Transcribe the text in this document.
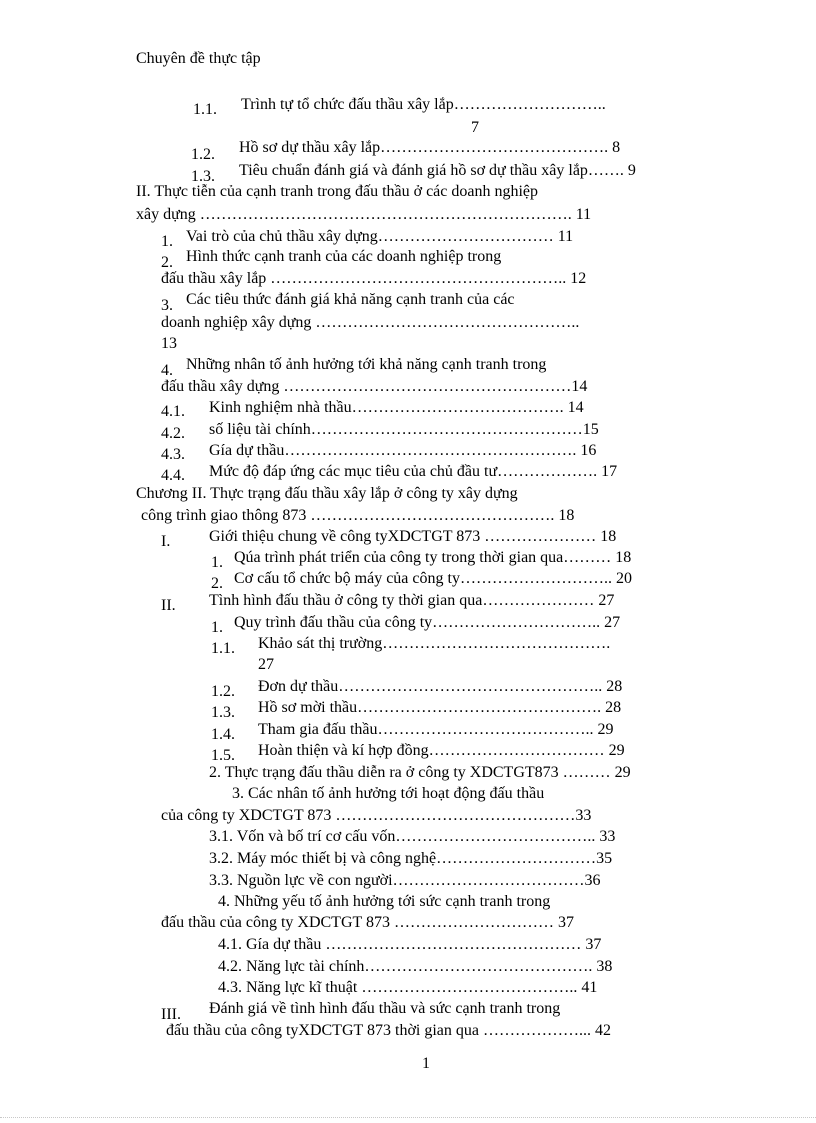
Chuyên đề thực tập
1.1. Trình tự tổ chức đấu thầu xây lắp………………………..
7
1.2. Hồ sơ dự thầu xây lắp……………………………………. 8
1.3. Tiêu chuẩn đánh giá và đánh giá hồ sơ dự thầu xây lắp……. 9
II. Thực tiễn của cạnh tranh trong đấu thầu ở các doanh nghiệp
xây dựng ……………………………………………………………. 11
1. Vai trò của chủ thầu xây dựng…………………………… 11
2. Hình thức cạnh tranh của các doanh nghiệp trong
đấu thầu xây lắp ……………………………………………….. 12
3. Các tiêu thức đánh giá khả năng cạnh tranh của các
doanh nghiệp xây dựng …………………………………………..
13
4. Những nhân tố ảnh hưởng tới khả năng cạnh tranh trong
đấu thầu xây dựng ………………………………………………14
4.1. Kinh nghiệm nhà thầu…………………………………. 14
4.2. số liệu tài chính……………………………………………15
4.3. Gía dự thầu………………………………………………. 16
4.4. Mức độ đáp ứng các mục tiêu của chủ đầu tư………………. 17
Chương II. Thực trạng đấu thầu xây lắp ở công ty xây dựng
công trình giao thông 873 ………………………………………. 18
I. Giới thiệu chung về công tyXDCTGT 873 ………………… 18
1. Qúa trình phát triển của công ty trong thời gian qua……… 18
2. Cơ cấu tổ chức bộ máy của công ty……………………….. 20
II. Tình hình đấu thầu ở công ty thời gian qua………………… 27
1. Quy trình đấu thầu của công ty………………………….. 27
1.1. Khảo sát thị trường…………………………………….
27
1.2. Đơn dự thầu………………………………………….. 28
1.3. Hồ sơ mời thầu………………………………………. 28
1.4. Tham gia đấu thầu………………………………….. 29
1.5. Hoàn thiện và kí hợp đồng…………………………… 29
2. Thực trạng đấu thầu diễn ra ở công ty XDCTGT873 ……… 29
3. Các nhân tố ảnh hưởng tới hoạt động đấu thầu
của công ty XDCTGT 873 ………………………………………33
3.1. Vốn và bố trí cơ cấu vốn……………………………….. 33
3.2. Máy móc thiết bị và công nghệ…………………………35
3.3. Nguồn lực về con người………………………………36
4. Những yếu tố ảnh hưởng tới sức cạnh tranh trong
đấu thầu của công ty XDCTGT 873 ………………………… 37
4.1. Gía dự thầu ………………………………………… 37
4.2. Năng lực tài chính……………………………………. 38
4.3. Năng lực kĩ thuật ………………………………….. 41
III. Đánh giá về tình hình đấu thầu và sức cạnh tranh trong
đấu thầu của công tyXDCTGT 873 thời gian qua ………………... 42
1
